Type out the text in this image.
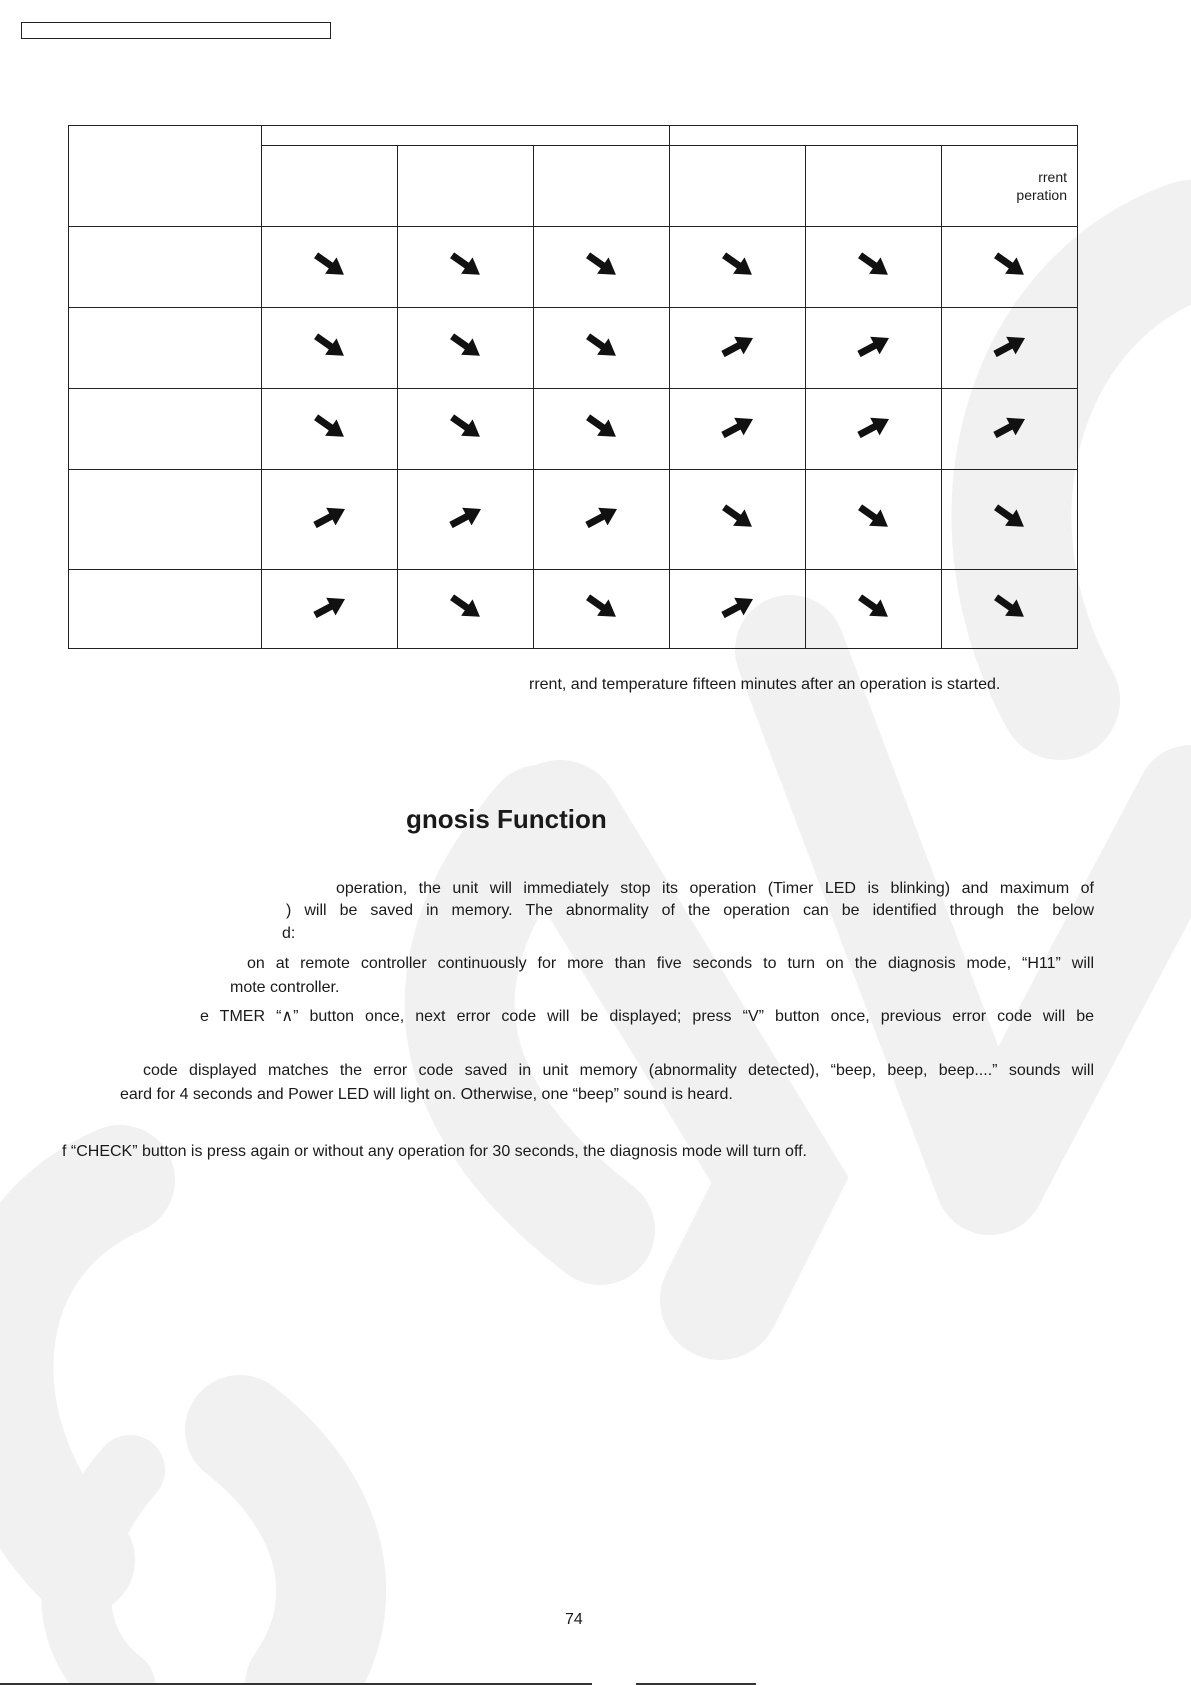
						rrent
peration

rrent, and temperature fifteen minutes after an operation is started.
gnosis Function
operation, the unit will immediately stop its operation (Timer LED is blinking) and maximum of
) will be saved in memory. The abnormality of the operation can be identified through the below
d:
on at remote controller continuously for more than five seconds to turn on the diagnosis mode, “H11” will
mote controller.
e TMER “∧” button once, next error code will be displayed; press “V” button once, previous error code will be
code displayed matches the error code saved in unit memory (abnormality detected), “beep, beep, beep....” sounds will
eard for 4 seconds and Power LED will light on. Otherwise, one “beep” sound is heard.
f “CHECK” button is press again or without any operation for 30 seconds, the diagnosis mode will turn off.
74
